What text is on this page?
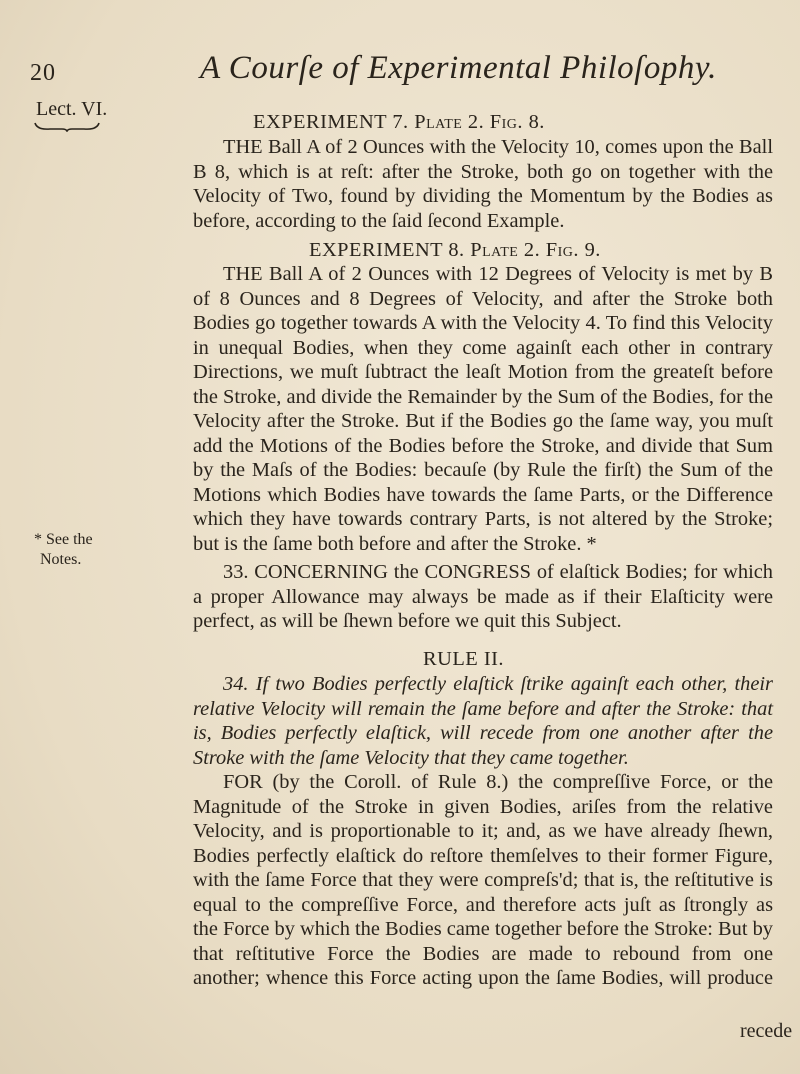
20	A Courſe of Experimental Philoſophy.
Lect. VI.
* See the
Notes.
EXPERIMENT 7. Plate 2. Fig. 8.

THE Ball A of 2 Ounces with the Velocity 10, comes upon the Ball B 8, which is at reſt: after the Stroke, both go on together with the Velocity of Two, found by dividing the Momentum by the Bodies as before, according to the ſaid ſecond Example.

EXPERIMENT 8. Plate 2. Fig. 9.

THE Ball A of 2 Ounces with 12 Degrees of Velocity is met by B of 8 Ounces and 8 Degrees of Velocity, and after the Stroke both Bodies go together towards A with the Velocity 4. To find this Velocity in unequal Bodies, when they come againſt each other in contrary Directions, we muſt ſubtract the leaſt Motion from the greateſt before the Stroke, and divide the Remainder by the Sum of the Bodies, for the Velocity after the Stroke. But if the Bodies go the ſame way, you muſt add the Motions of the Bodies before the Stroke, and divide that Sum by the Maſs of the Bodies: becauſe (by Rule the firſt) the Sum of the Motions which Bodies have towards the ſame Parts, or the Difference which they have towards contrary Parts, is not altered by the Stroke; but is the ſame both before and after the Stroke. *

33. CONCERNING the CONGRESS of elaſtick Bodies; for which a proper Allowance may always be made as if their Elaſticity were perfect, as will be ſhewn before we quit this Subject.

RULE II.

34. If two Bodies perfectly elaſtick ſtrike againſt each other, their relative Velocity will remain the ſame before and after the Stroke: that is, Bodies perfectly elaſtick, will recede from one another after the Stroke with the ſame Velocity that they came together.

FOR (by the Coroll. of Rule 8.) the compreſſive Force, or the Magnitude of the Stroke in given Bodies, ariſes from the relative Velocity, and is proportionable to it; and, as we have already ſhewn, Bodies perfectly elaſtick do reſtore themſelves to their former Figure, with the ſame Force that they were compreſs'd; that is, the reſtitutive is equal to the compreſſive Force, and therefore acts juſt as ſtrongly as the Force by which the Bodies came together before the Stroke: But by that reſtitutive Force the Bodies are made to rebound from one another; whence this Force acting upon the ſame Bodies, will produce

recede
